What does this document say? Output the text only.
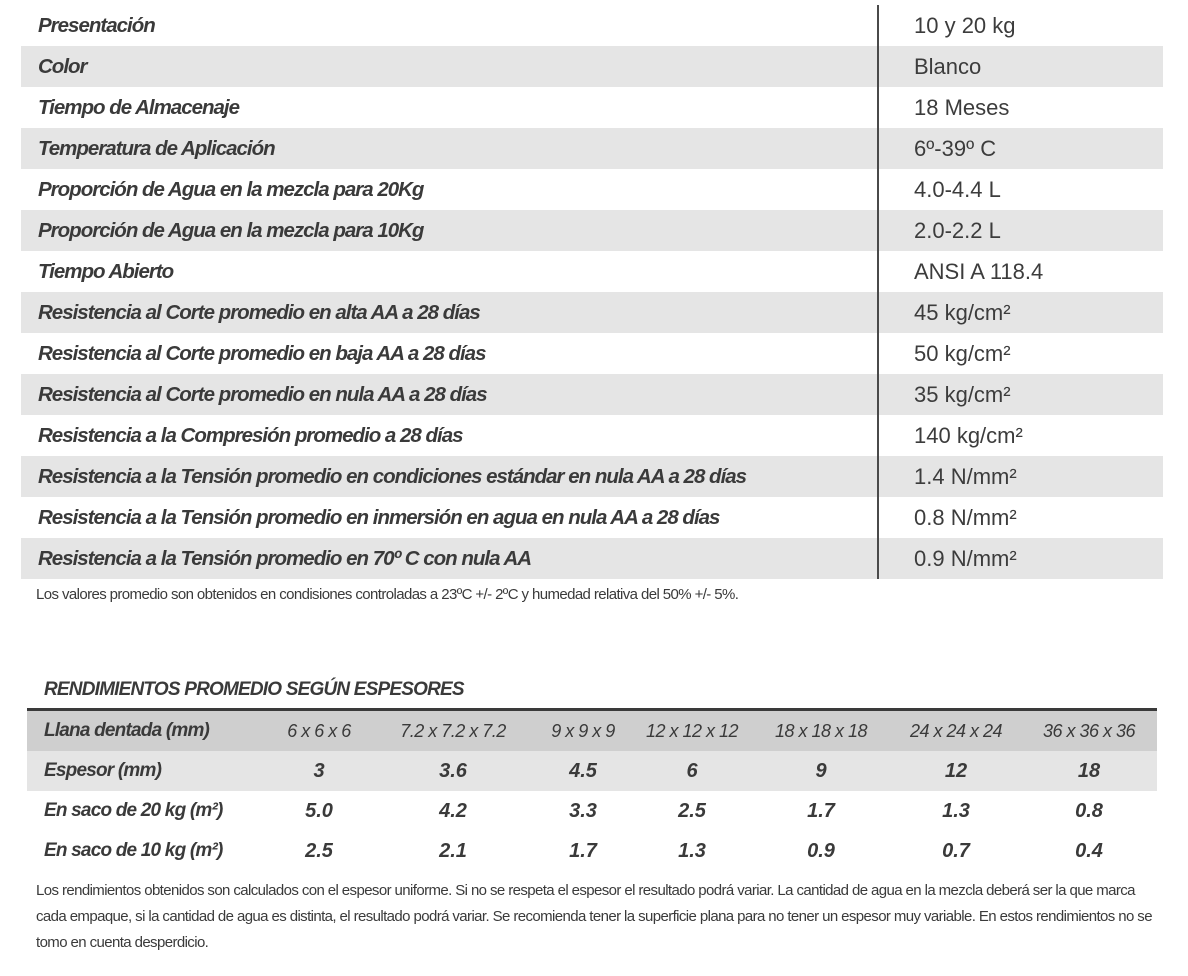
Presentación	10 y 20 kg
Color	Blanco
Tiempo de Almacenaje	18 Meses
Temperatura de Aplicación	6º-39º C
Proporción de Agua en la mezcla para 20Kg	4.0-4.4 L
Proporción de Agua en la mezcla para 10Kg	2.0-2.2 L
Tiempo Abierto	ANSI A 118.4
Resistencia al Corte promedio en alta AA a 28 días	45 kg/cm²
Resistencia al Corte promedio en baja AA a 28 días	50 kg/cm²
Resistencia al Corte promedio en nula AA a 28 días	35 kg/cm²
Resistencia a la Compresión promedio a 28 días	140 kg/cm²
Resistencia a la Tensión promedio en condiciones estándar en nula AA a 28 días	1.4 N/mm²
Resistencia a la Tensión promedio en inmersión en agua en nula AA a 28 días	0.8 N/mm²
Resistencia a la Tensión promedio en 70º C con nula AA	0.9 N/mm²
Los valores promedio son obtenidos en condisiones controladas a 23ºC +/- 2ºC y humedad relativa del 50% +/- 5%.
RENDIMIENTOS PROMEDIO SEGÚN ESPESORES
Llana dentada (mm)	6 x 6 x 6	7.2 x 7.2 x 7.2	9 x 9 x 9	12 x 12 x 12	18 x 18 x 18	24 x 24 x 24	36 x 36 x 36
Espesor (mm)	3	3.6	4.5	6	9	12	18
En saco de 20 kg (m²)	5.0	4.2	3.3	2.5	1.7	1.3	0.8
En saco de 10 kg (m²)	2.5	2.1	1.7	1.3	0.9	0.7	0.4
Los rendimientos obtenidos son calculados con el espesor uniforme. Si no se respeta el espesor el resultado podrá variar. La cantidad de agua en la mezcla deberá ser la que marca cada empaque, si la cantidad de agua es distinta, el resultado podrá variar. Se recomienda tener la superficie plana para no tener un espesor muy variable. En estos rendimientos no se tomo en cuenta desperdicio.
